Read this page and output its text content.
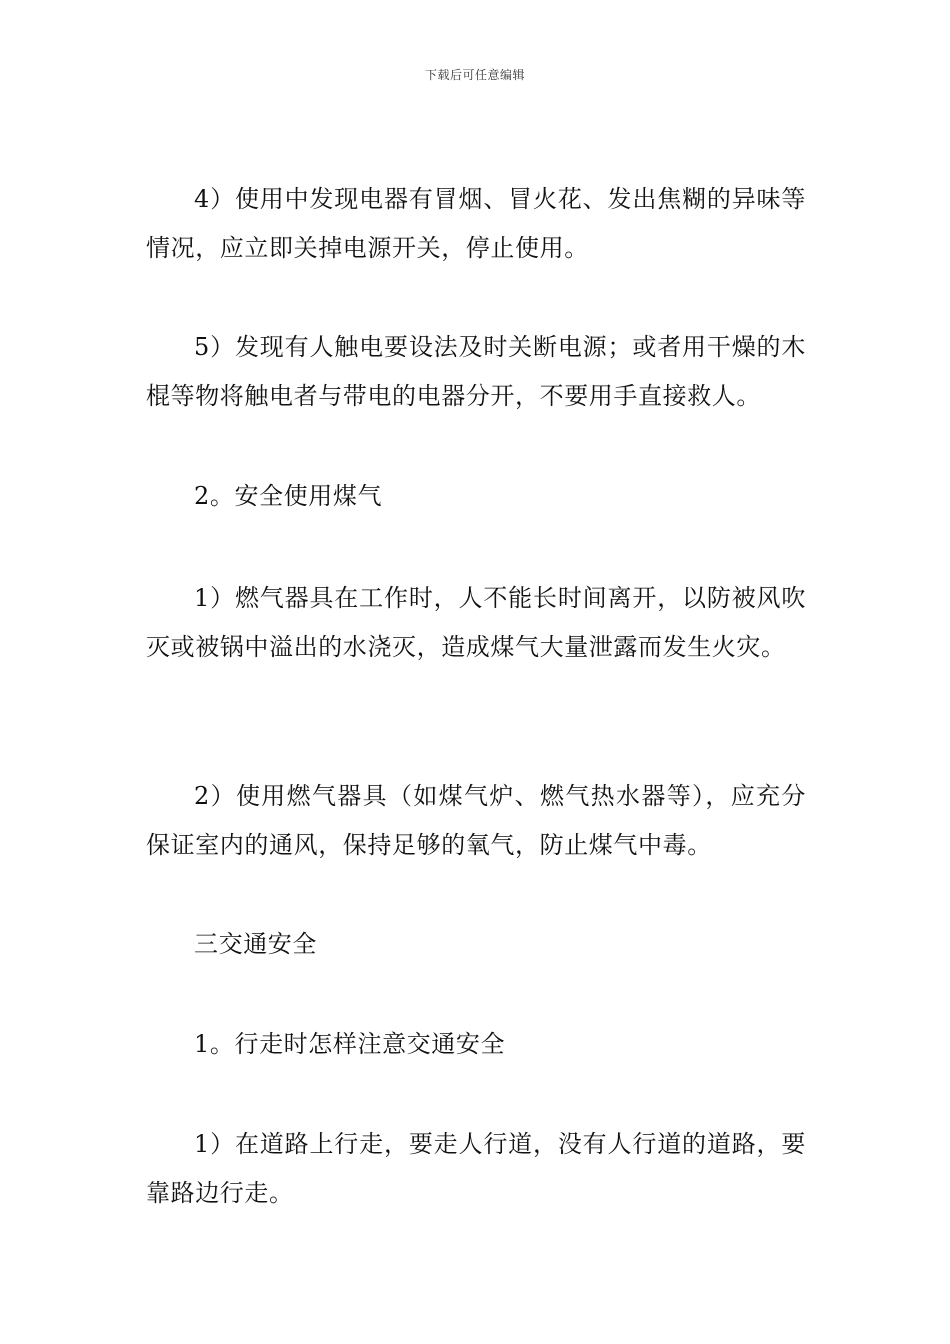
下载后可任意编辑

4）使用中发现电器有冒烟、冒火花、发出焦糊的异味等情况，应立即关掉电源开关，停止使用。

5）发现有人触电要设法及时关断电源；或者用干燥的木棍等物将触电者与带电的电器分开，不要用手直接救人。

2。安全使用煤气

1）燃气器具在工作时，人不能长时间离开，以防被风吹灭或被锅中溢出的水浇灭，造成煤气大量泄露而发生火灾。

2）使用燃气器具（如煤气炉、燃气热水器等），应充分保证室内的通风，保持足够的氧气，防止煤气中毒。

三交通安全

1。行走时怎样注意交通安全

1）在道路上行走，要走人行道，没有人行道的道路，要靠路边行走。
